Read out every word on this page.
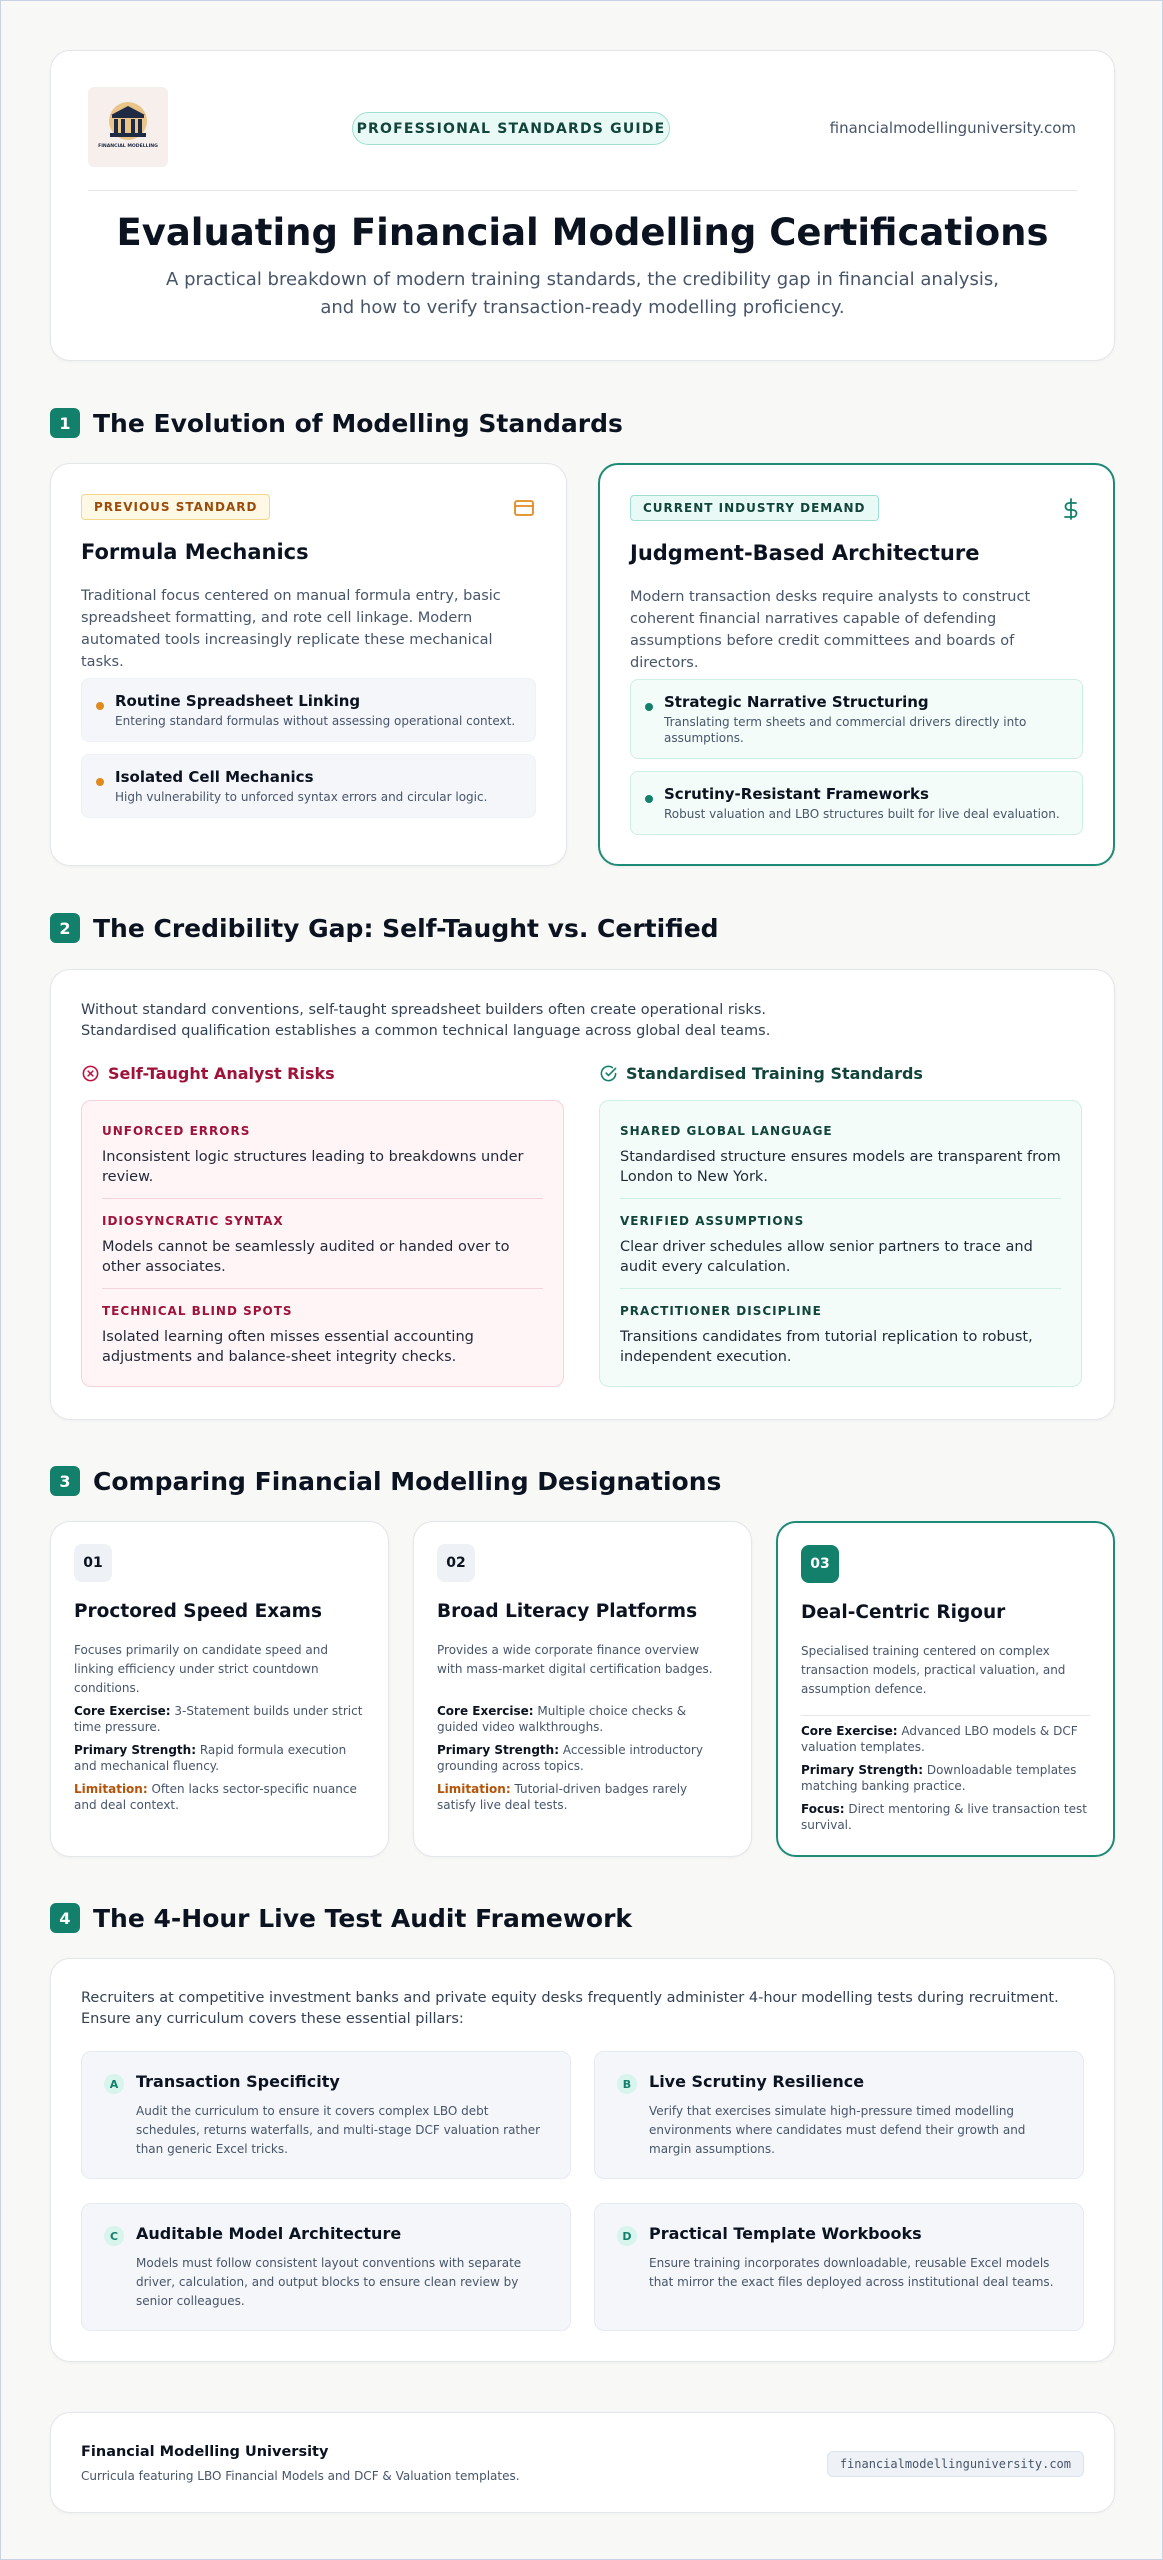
FINANCIAL MODELLING
PROFESSIONAL STANDARDS GUIDE	financialmodellinguniversity.com
Evaluating Financial Modelling Certifications

A practical breakdown of modern training standards, the credibility gap in financial analysis, and how to verify transaction-ready modelling proficiency.

1 The Evolution of Modelling Standards
PREVIOUS STANDARD
Formula Mechanics

Traditional focus centered on manual formula entry, basic spreadsheet formatting, and rote cell linkage. Modern automated tools increasingly replicate these mechanical tasks.

Routine Spreadsheet Linking
Entering standard formulas without assessing operational context.
Isolated Cell Mechanics
High vulnerability to unforced syntax errors and circular logic.
CURRENT INDUSTRY DEMAND
Judgment-Based Architecture

Modern transaction desks require analysts to construct coherent financial narratives capable of defending assumptions before credit committees and boards of directors.

Strategic Narrative Structuring
Translating term sheets and commercial drivers directly into assumptions.
Scrutiny-Resistant Frameworks
Robust valuation and LBO structures built for live deal evaluation.
2 The Credibility Gap: Self-Taught vs. Certified

Without standard conventions, self-taught spreadsheet builders often create operational risks. Standardised qualification establishes a common technical language across global deal teams.

Self-Taught Analyst Risks	Standardised Training Standards
UNFORCED ERRORS
Inconsistent logic structures leading to breakdowns under review.
IDIOSYNCRATIC SYNTAX
Models cannot be seamlessly audited or handed over to other associates.
TECHNICAL BLIND SPOTS
Isolated learning often misses essential accounting adjustments and balance-sheet integrity checks.
SHARED GLOBAL LANGUAGE
Standardised structure ensures models are transparent from London to New York.
VERIFIED ASSUMPTIONS
Clear driver schedules allow senior partners to trace and audit every calculation.
PRACTITIONER DISCIPLINE
Transitions candidates from tutorial replication to robust, independent execution.
3 Comparing Financial Modelling Designations
01
Proctored Speed Exams

Focuses primarily on candidate speed and linking efficiency under strict countdown conditions.

Core Exercise: 3-Statement builds under strict time pressure.

Primary Strength: Rapid formula execution and mechanical fluency.

Limitation: Often lacks sector-specific nuance and deal context.

02
Broad Literacy Platforms

Provides a wide corporate finance overview with mass-market digital certification badges.

Core Exercise: Multiple choice checks & guided video walkthroughs.

Primary Strength: Accessible introductory grounding across topics.

Limitation: Tutorial-driven badges rarely satisfy live deal tests.

03
Deal-Centric Rigour

Specialised training centered on complex transaction models, practical valuation, and assumption defence.

Core Exercise: Advanced LBO models & DCF valuation templates.

Primary Strength: Downloadable templates matching banking practice.

Focus: Direct mentoring & live transaction test survival.

4 The 4-Hour Live Test Audit Framework

Recruiters at competitive investment banks and private equity desks frequently administer 4-hour modelling tests during recruitment. Ensure any curriculum covers these essential pillars:

A	Transaction Specificity
Audit the curriculum to ensure it covers complex LBO debt schedules, returns waterfalls, and multi-stage DCF valuation rather than generic Excel tricks.
B	Live Scrutiny Resilience
Verify that exercises simulate high-pressure timed modelling environments where candidates must defend their growth and margin assumptions.
C	Auditable Model Architecture
Models must follow consistent layout conventions with separate driver, calculation, and output blocks to ensure clean review by senior colleagues.
D	Practical Template Workbooks
Ensure training incorporates downloadable, reusable Excel models that mirror the exact files deployed across institutional deal teams.
Financial Modelling University
Curricula featuring LBO Financial Models and DCF & Valuation templates.
financialmodellinguniversity.com
